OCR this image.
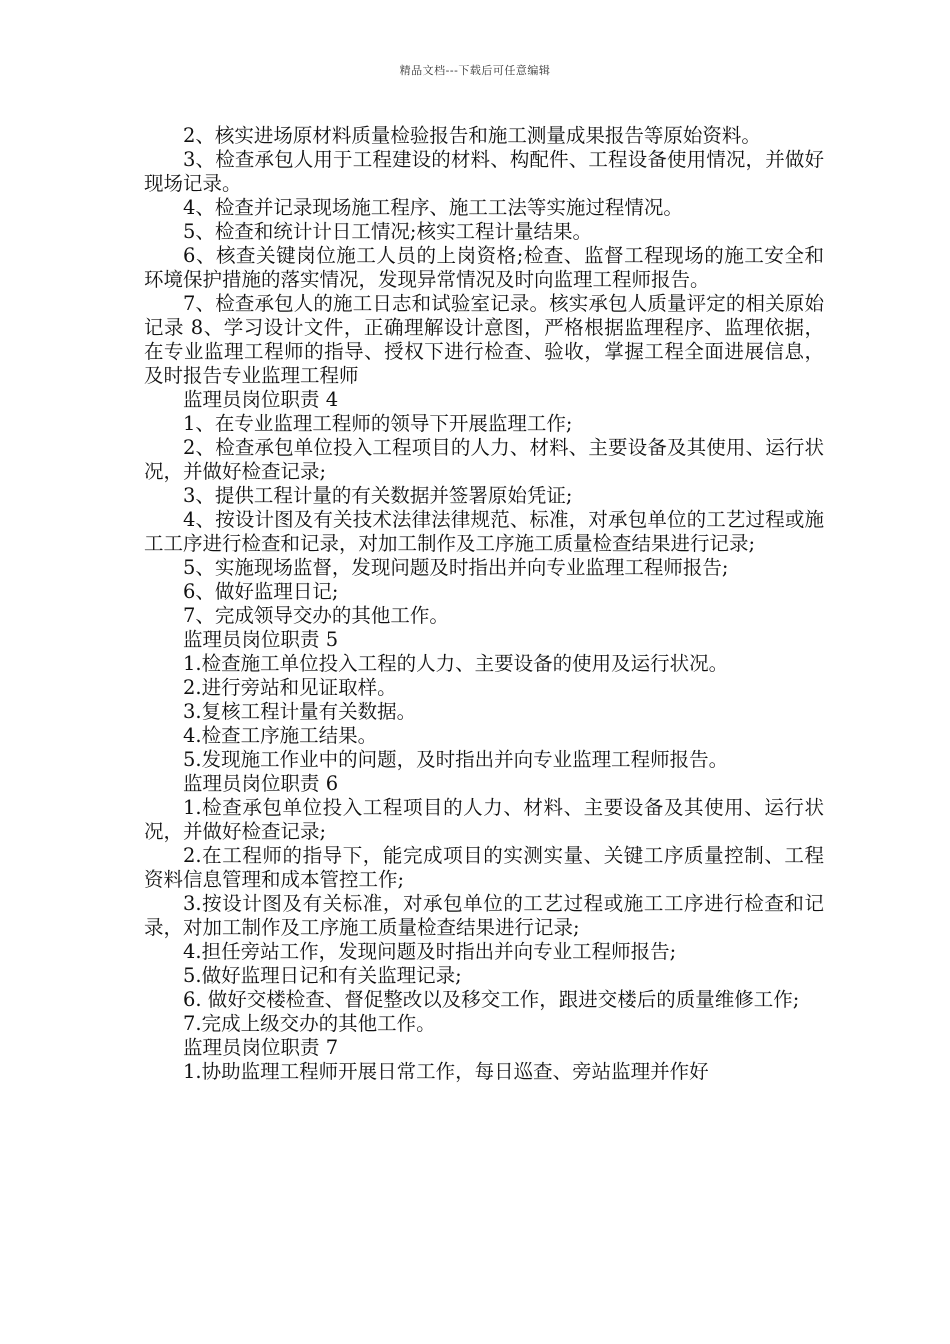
精品文档---下载后可任意编辑

2、核实进场原材料质量检验报告和施工测量成果报告等原始资料。

3、检查承包人用于工程建设的材料、构配件、工程设备使用情况，并做好现场记录。

4、检查并记录现场施工程序、施工工法等实施过程情况。

5、检查和统计计日工情况;核实工程计量结果。

6、核查关键岗位施工人员的上岗资格;检查、监督工程现场的施工安全和环境保护措施的落实情况，发现异常情况及时向监理工程师报告。

7、检查承包人的施工日志和试验室记录。核实承包人质量评定的相关原始记录 8、学习设计文件，正确理解设计意图，严格根据监理程序、监理依据，在专业监理工程师的指导、授权下进行检查、验收，掌握工程全面进展信息，及时报告专业监理工程师

监理员岗位职责 4

1、在专业监理工程师的领导下开展监理工作;

2、检查承包单位投入工程项目的人力、材料、主要设备及其使用、运行状况，并做好检查记录;

3、提供工程计量的有关数据并签署原始凭证;

4、按设计图及有关技术法律法律规范、标准，对承包单位的工艺过程或施工工序进行检查和记录，对加工制作及工序施工质量检查结果进行记录;

5、实施现场监督，发现问题及时指出并向专业监理工程师报告;

6、做好监理日记;

7、完成领导交办的其他工作。

监理员岗位职责 5

1.检查施工单位投入工程的人力、主要设备的使用及运行状况。

2.进行旁站和见证取样。

3.复核工程计量有关数据。

4.检查工序施工结果。

5.发现施工作业中的问题，及时指出并向专业监理工程师报告。

监理员岗位职责 6

1.检查承包单位投入工程项目的人力、材料、主要设备及其使用、运行状况，并做好检查记录;

2.在工程师的指导下，能完成项目的实测实量、关键工序质量控制、工程资料信息管理和成本管控工作;

3.按设计图及有关标准，对承包单位的工艺过程或施工工序进行检查和记录，对加工制作及工序施工质量检查结果进行记录;

4.担任旁站工作，发现问题及时指出并向专业工程师报告;

5.做好监理日记和有关监理记录;

6. 做好交楼检查、督促整改以及移交工作，跟进交楼后的质量维修工作;

7.完成上级交办的其他工作。

监理员岗位职责 7

1.协助监理工程师开展日常工作，每日巡查、旁站监理并作好
